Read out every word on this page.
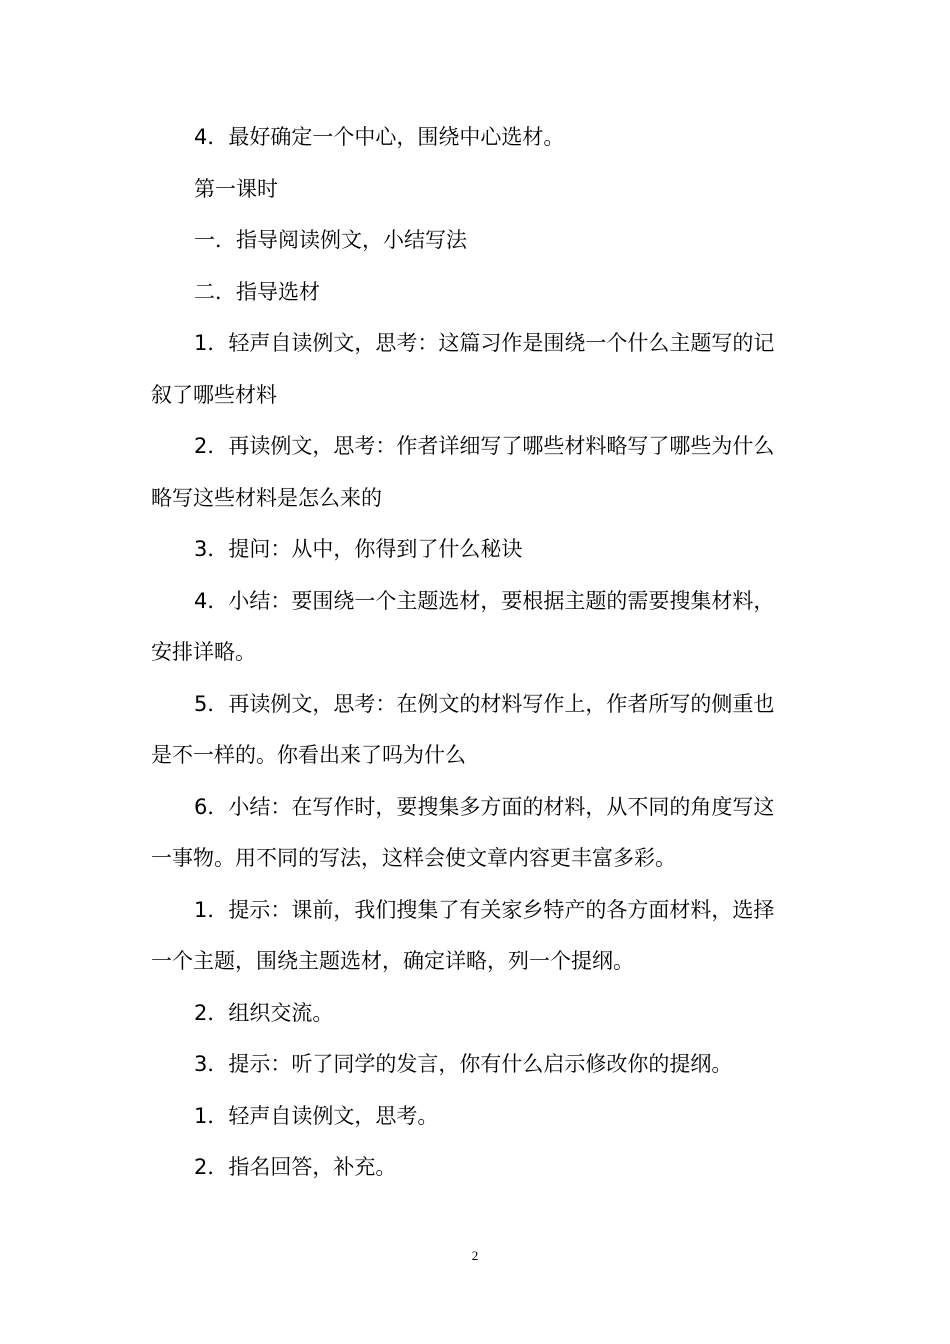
4．最好确定一个中心，围绕中心选材。

第一课时

一．指导阅读例文，小结写法

二．指导选材

1．轻声自读例文，思考：这篇习作是围绕一个什么主题写的记叙了哪些材料

2．再读例文，思考：作者详细写了哪些材料略写了哪些为什么略写这些材料是怎么来的

3．提问：从中，你得到了什么秘诀

4．小结：要围绕一个主题选材，要根据主题的需要搜集材料，安排详略。

5．再读例文，思考：在例文的材料写作上，作者所写的侧重也是不一样的。你看出来了吗为什么

6．小结：在写作时，要搜集多方面的材料，从不同的角度写这一事物。用不同的写法，这样会使文章内容更丰富多彩。

1．提示：课前，我们搜集了有关家乡特产的各方面材料，选择一个主题，围绕主题选材，确定详略，列一个提纲。

2．组织交流。

3．提示：听了同学的发言，你有什么启示修改你的提纲。

1．轻声自读例文，思考。

2．指名回答，补充。

2
